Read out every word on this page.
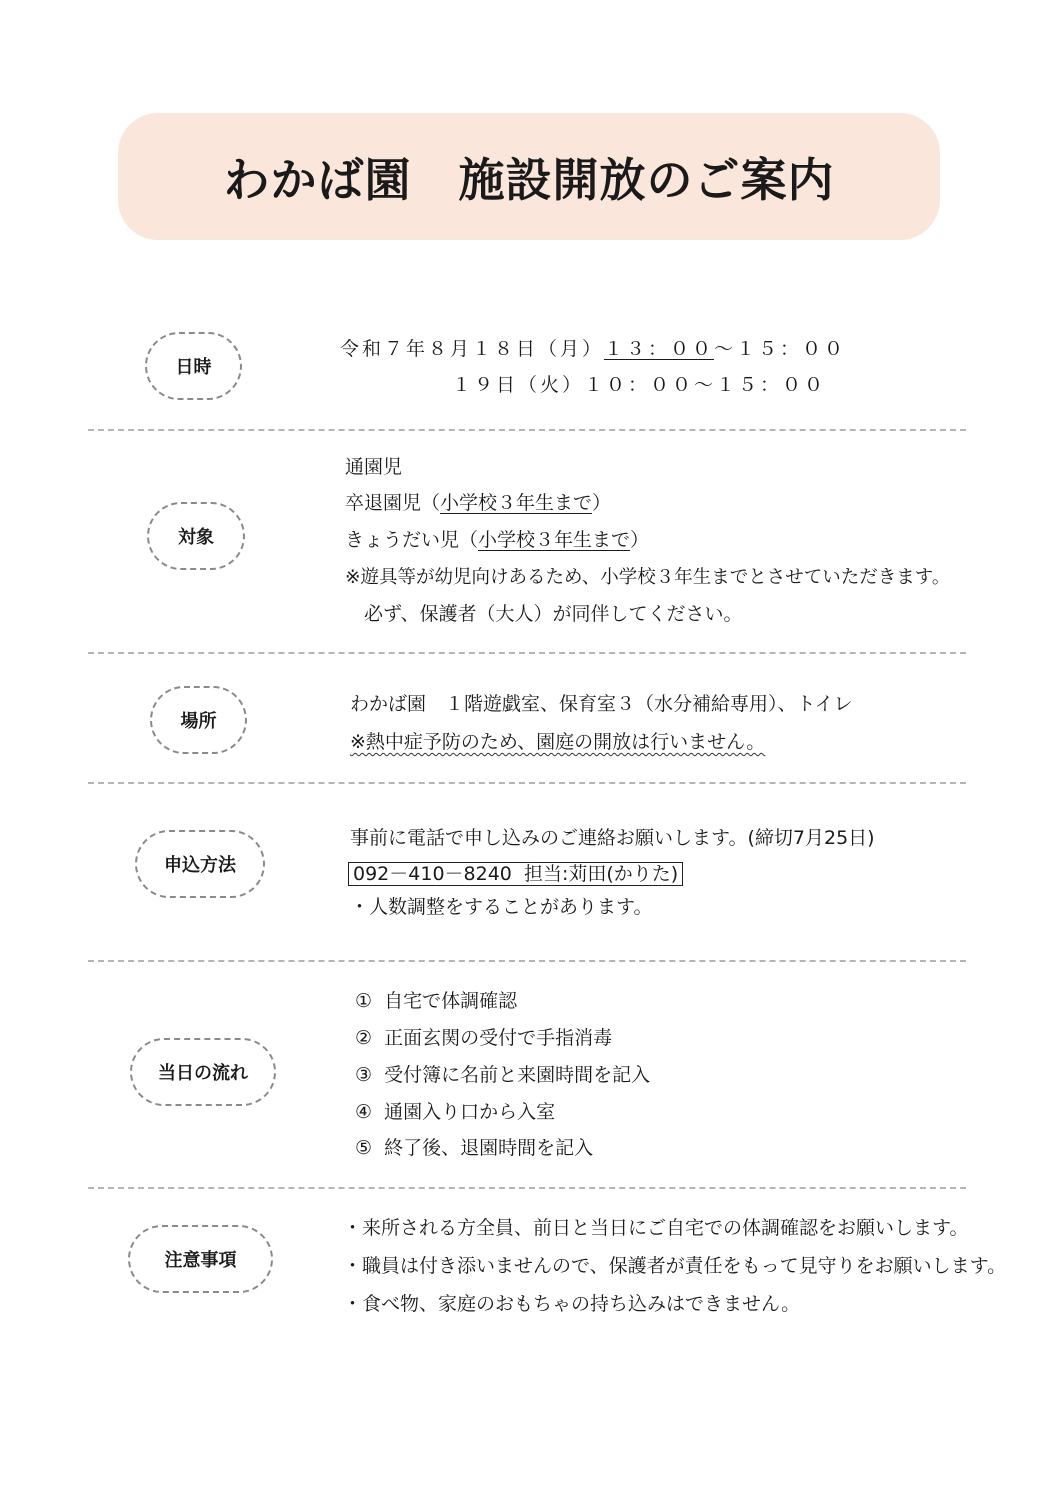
わかば園　施設開放のご案内
日時
令和７年８月１８日（月）１３：００～１５：００
１９日（火）１０：００～１５：００
対象
通園児
卒退園児（小学校３年生まで）
きょうだい児（小学校３年生まで）
※遊具等が幼児向けあるため、小学校３年生までとさせていただきます。
必ず、保護者（大人）が同伴してください。
場所
わかば園　１階遊戯室、保育室３（水分補給専用）、トイレ
※熱中症予防のため、園庭の開放は行いません。
申込方法
事前に電話で申し込みのご連絡お願いします。(締切7月25日)
092－410－8240  担当:苅田(かりた)
・人数調整をすることがあります。
当日の流れ
①  自宅で体調確認
②  正面玄関の受付で手指消毒
③  受付簿に名前と来園時間を記入
④  通園入り口から入室
⑤  終了後、退園時間を記入
注意事項
・来所される方全員、前日と当日にご自宅での体調確認をお願いします。
・職員は付き添いませんので、保護者が責任をもって見守りをお願いします。
・食べ物、家庭のおもちゃの持ち込みはできません。
